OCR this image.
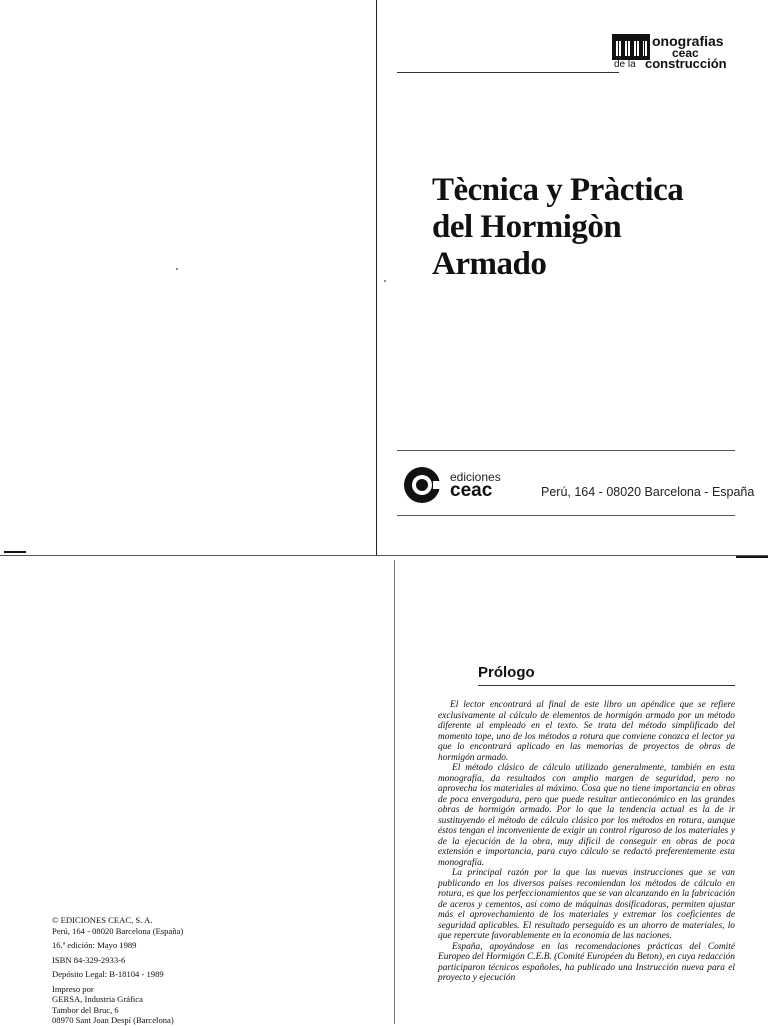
onografias
ceac
de la construcción
Tècnica y Pràctica
del Hormigòn
Armado
ediciones
ceac	Perú, 164 - 08020 Barcelona - España
Prólogo

El lector encontrará al final de este libro un apéndice que se refiere exclusivamente al cálculo de elementos de hormigón armado por un método diferente al empleado en el texto. Se trata del método simplificado del momento tope, uno de los métodos a rotura que conviene conozca el lector ya que lo encontrará aplicado en las memorias de proyectos de obras de hormigón armado.

El método clásico de cálculo utilizado generalmente, también en esta monografía, da resultados con amplio margen de seguridad, pero no aprovecha los materiales al máximo. Cosa que no tiene importancia en obras de poca envergadura, pero que puede resultar antieconómico en las grandes obras de hormigón armado. Por lo que la tendencia actual es la de ir sustituyendo el método de cálculo clásico por los métodos en rotura, aunque éstos tengan el inconveniente de exigir un control riguroso de los materiales y de la ejecución de la obra, muy difícil de conseguir en obras de poca extensión e importancia, para cuyo cálculo se redactó preferentemente esta monografía.

La principal razón por la que las nuevas instrucciones que se van publicando en los diversos países recomiendan los métodos de cálculo en rotura, es que los perfeccionamientos que se van alcanzando en la fabricación de aceros y cementos, así como de máquinas dosificadoras, permiten ajustar más el aprovechamiento de los materiales y extremar los coeficientes de seguridad aplicables. El resultado perseguido es un ahorro de materiales, lo que repercute favorablemente en la economía de las naciones.

España, apoyándose en las recomendaciones prácticas del Comité Europeo del Hormigón C.E.B. (Comité Européen du Beton), en cuya redacción participaron técnicos españoles, ha publicado una Instrucción nueva para el proyecto y ejecución

© EDICIONES CEAC, S. A.
Perú, 164 - 08020 Barcelona (España)
16.ª edición: Mayo 1989
ISBN 84-329-2933-6
Depósito Legal: B-18104 - 1989
Impreso por
GERSA, Industria Gráfica
Tambor del Bruc, 6
08970 Sant Joan Despí (Barcelona)
